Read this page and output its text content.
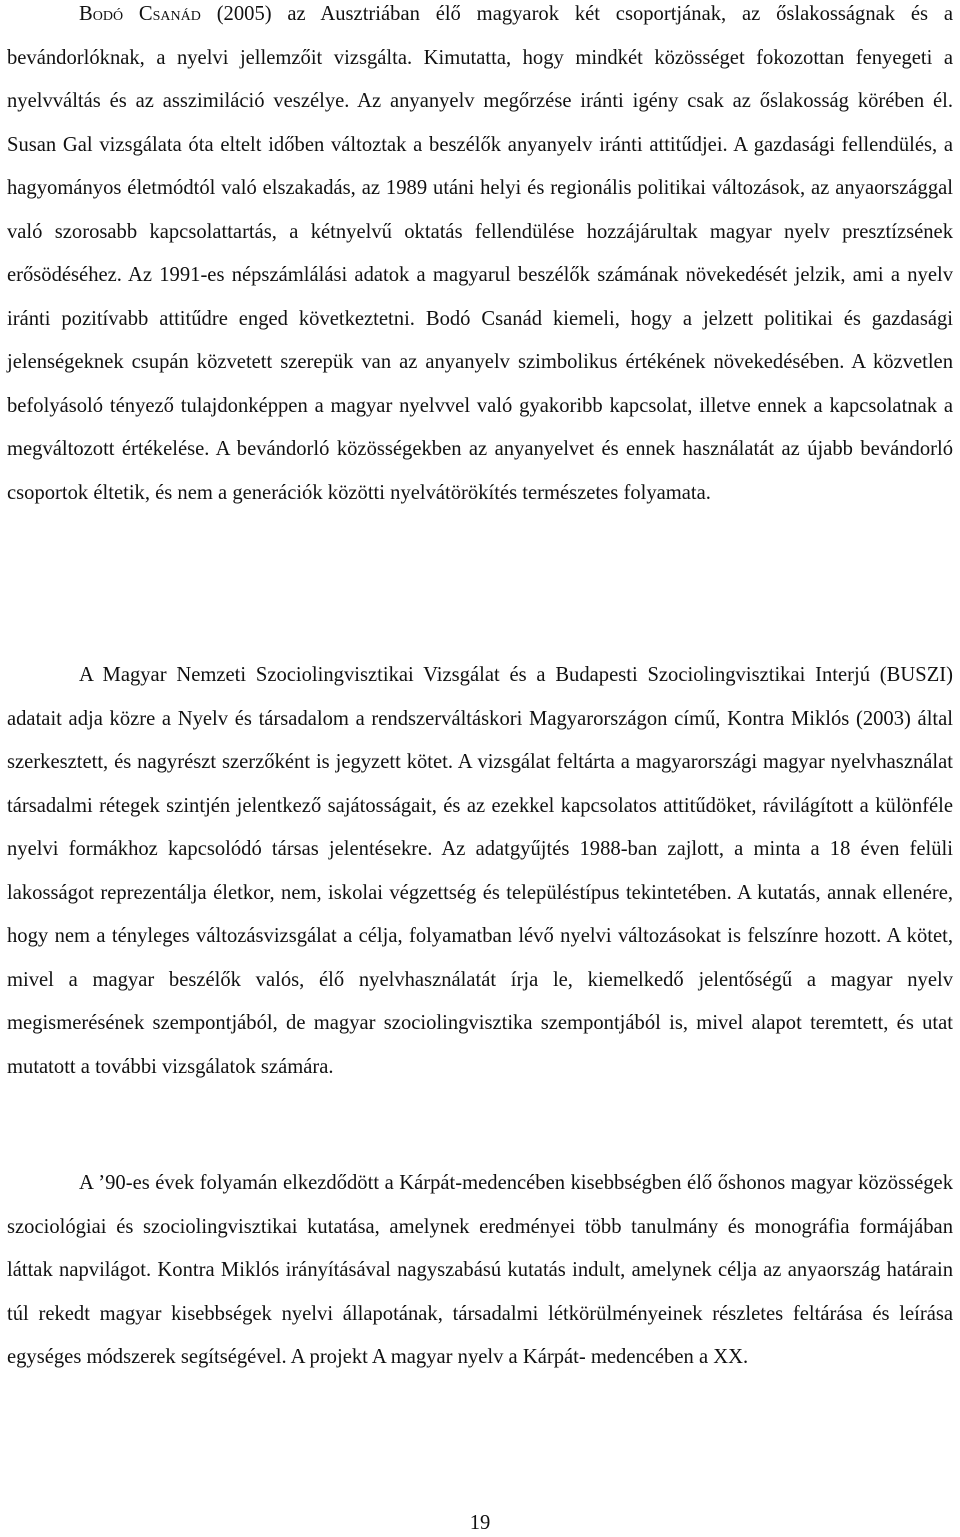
Bodó Csanád (2005) az Ausztriában élő magyarok két csoportjának, az őslakosságnak és a bevándorlóknak, a nyelvi jellemzőit vizsgálta. Kimutatta, hogy mindkét közösséget fokozottan fenyegeti a nyelvváltás és az asszimiláció veszélye. Az anyanyelv megőrzése iránti igény csak az őslakosság körében él. Susan Gal vizsgálata óta eltelt időben változtak a beszélők anyanyelv iránti attitűdjei. A gazdasági fellendülés, a hagyományos életmódtól való elszakadás, az 1989 utáni helyi és regionális politikai változások, az anyaországgal való szorosabb kapcsolattartás, a kétnyelvű oktatás fellendülése hozzájárultak magyar nyelv presztízsének erősödéséhez. Az 1991-es népszámlálási adatok a magyarul beszélők számának növekedését jelzik, ami a nyelv iránti pozitívabb attitűdre enged következtetni. Bodó Csanád kiemeli, hogy a jelzett politikai és gazdasági jelenségeknek csupán közvetett szerepük van az anyanyelv szimbolikus értékének növekedésében. A közvetlen befolyásoló tényező tulajdonképpen a magyar nyelvvel való gyakoribb kapcsolat, illetve ennek a kapcsolatnak a megváltozott értékelése. A bevándorló közösségekben az anyanyelvet és ennek használatát az újabb bevándorló csoportok éltetik, és nem a generációk közötti nyelvátörökítés természetes folyamata.

A Magyar Nemzeti Szociolingvisztikai Vizsgálat és a Budapesti Szociolingvisztikai Interjú (BUSZI) adatait adja közre a Nyelv és társadalom a rendszerváltáskori Magyarországon című, Kontra Miklós (2003) által szerkesztett, és nagyrészt szerzőként is jegyzett kötet. A vizsgálat feltárta a magyarországi magyar nyelvhasználat társadalmi rétegek szintjén jelentkező sajátosságait, és az ezekkel kapcsolatos attitűdöket, rávilágított a különféle nyelvi formákhoz kapcsolódó társas jelentésekre. Az adatgyűjtés 1988-ban zajlott, a minta a 18 éven felüli lakosságot reprezentálja életkor, nem, iskolai végzettség és településtípus tekintetében. A kutatás, annak ellenére, hogy nem a tényleges változásvizsgálat a célja, folyamatban lévő nyelvi változásokat is felszínre hozott. A kötet, mivel a magyar beszélők valós, élő nyelvhasználatát írja le, kiemelkedő jelentőségű a magyar nyelv megismerésének szempontjából, de magyar szociolingvisztika szempontjából is, mivel alapot teremtett, és utat mutatott a további vizsgálatok számára.

A ’90-es évek folyamán elkezdődött a Kárpát-medencében kisebbségben élő őshonos magyar közösségek szociológiai és szociolingvisztikai kutatása, amelynek eredményei több tanulmány és monográfia formájában láttak napvilágot. Kontra Miklós irányításával nagyszabású kutatás indult, amelynek célja az anyaország határain túl rekedt magyar kisebbségek nyelvi állapotának, társadalmi létkörülményeinek részletes feltárása és leírása egységes módszerek segítségével. A projekt A magyar nyelv a Kárpát- medencében a XX.

19
